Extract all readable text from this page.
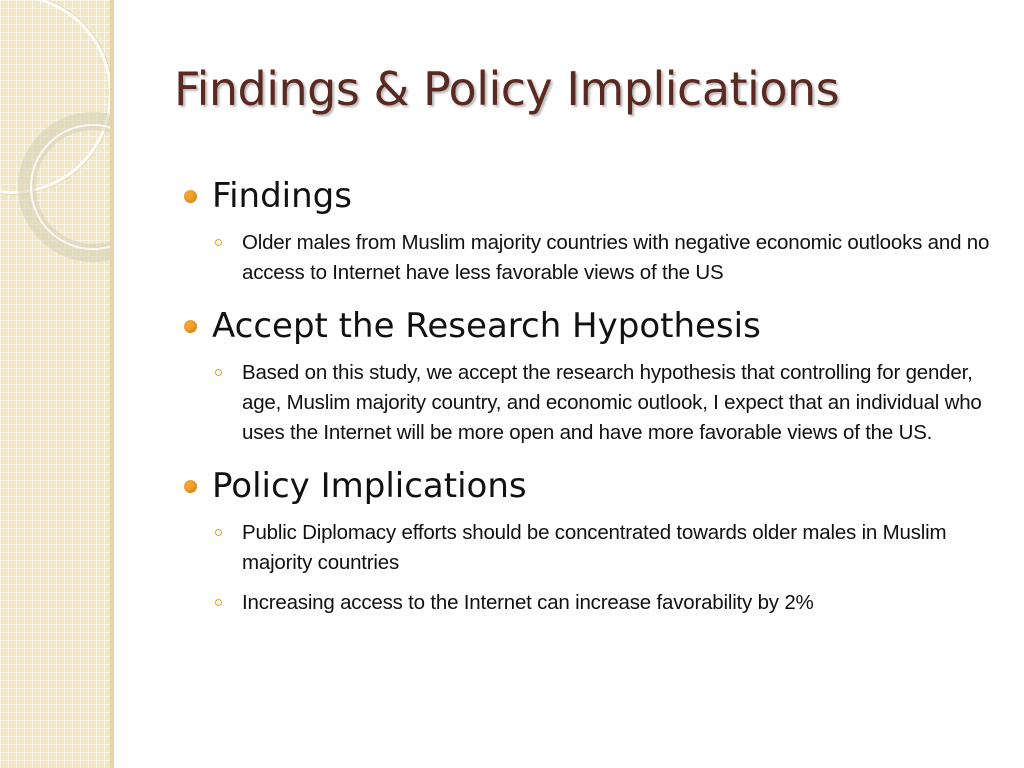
Findings & Policy Implications
Findings
Older males from Muslim majority countries with negative economic outlooks and no access to Internet have less favorable views of the US
Accept the Research Hypothesis
Based on this study, we accept the research hypothesis that controlling for gender, age, Muslim majority country, and economic outlook, I expect that an individual who uses the Internet will be more open and have more favorable views of the US.
Policy Implications
Public Diplomacy efforts should be concentrated towards older males in Muslim majority countries
Increasing access to the Internet can increase favorability by 2%
